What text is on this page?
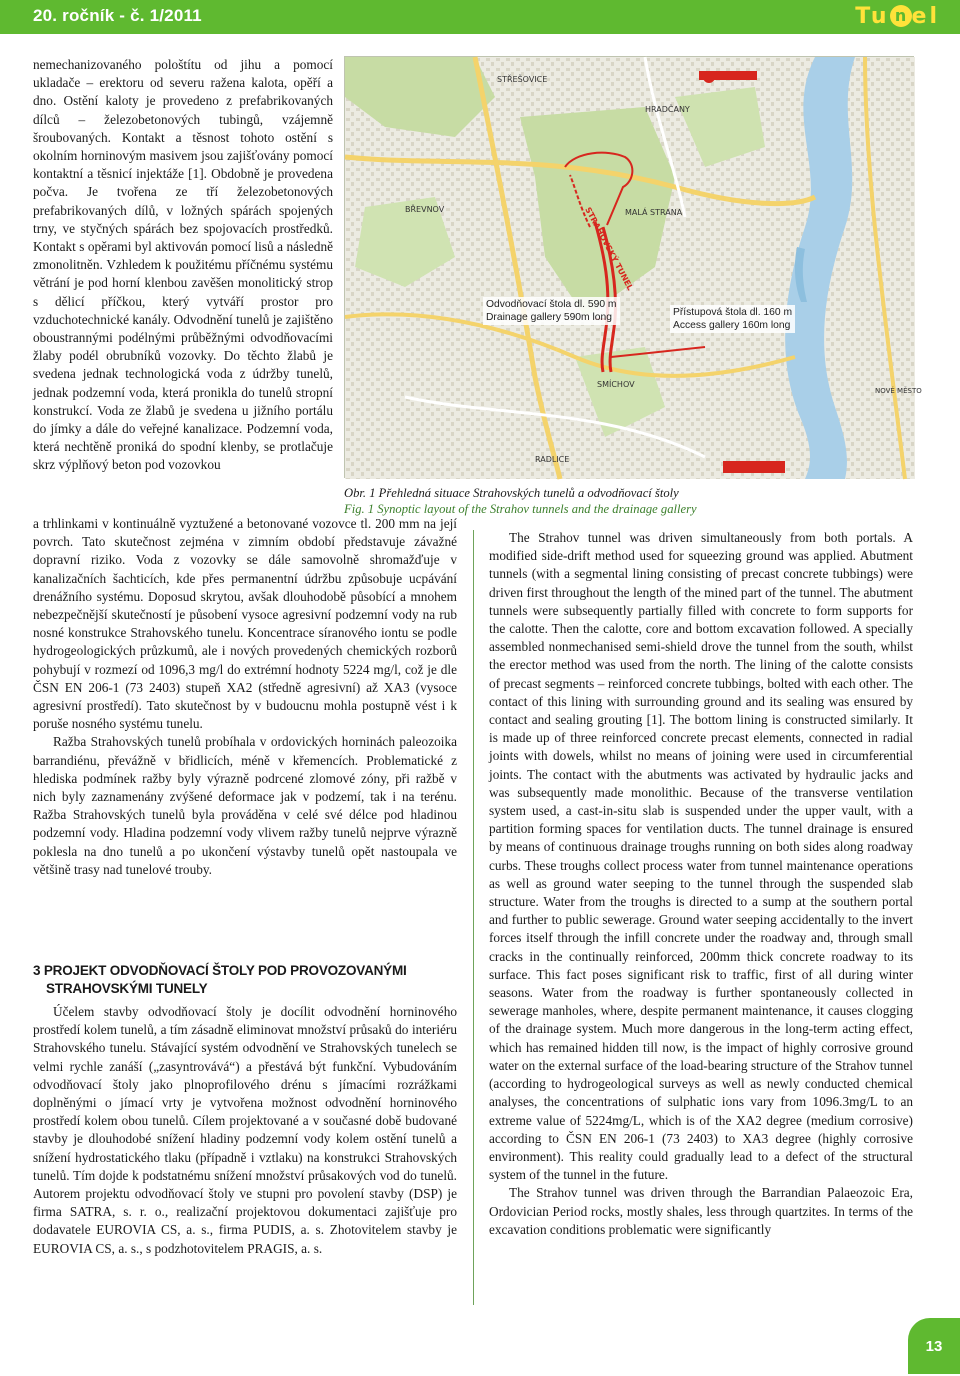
20. ročník - č. 1/2011	Tu n el

nemechanizovaného pološtítu od jihu a pomocí ukladače – erektoru od severu ražena kalota, opěří a dno. Ostění kaloty je provedeno z prefabrikovaných dílců – železobetonových tubingů, vzájemně šroubovaných. Kontakt a těsnost tohoto ostění s okolním horninovým masivem jsou zajišťovány pomocí kontaktní a těsnicí injektáže [1]. Obdobně je provedena počva. Je tvořena ze tří železobetonových prefabrikovaných dílů, v ložných spárách spojených trny, ve styčných spárách bez spojovacích prostředků. Kontakt s opěrami byl aktivován pomocí lisů a následně zmonolitněn. Vzhledem k použitému příčnému systému větrání je pod horní klenbou zavěšen monolitický strop s dělicí příčkou, který vytváří prostor pro vzduchotechnické kanály. Odvodnění tunelů je zajištěno oboustrannými podélnými průběžnými odvodňovacími žlaby podél obrubníků vozovky. Do těchto žlabů je svedena jednak technologická voda z údržby tunelů, jednak podzemní voda, která pronikla do tunelů stropní konstrukcí. Voda ze žlabů je svedena u jižního portálu do jímky a dále do veřejné kanalizace. Podzemní voda, která nechtěně proniká do spodní klenby, se protlačuje skrz výplňový beton pod vozovkou

STŘEŠOVICE
HRADČANY
BŘEVNOV	MALÁ STRANA
SMÍCHOV
RADLICE
NOVÉ MĚSTO
STRAHOVSKÝ TUNEL
Odvodňovací štola dl. 590 m
Drainage gallery 590m long	Přístupová štola dl. 160 m
Access gallery 160m long
Obr. 1 Přehledná situace Strahovských tunelů a odvodňovací štoly
Fig. 1 Synoptic layout of the Strahov tunnels and the drainage gallery

a trhlinkami v kontinuálně vyztužené a betonované vozovce tl. 200 mm na její povrch. Tato skutečnost zejména v zimním období představuje závažné dopravní riziko. Voda z vozovky se dále samovolně shromažďuje v kanalizačních šachticích, kde přes permanentní údržbu způsobuje ucpávání drenážního systému. Doposud skrytou, avšak dlouhodobě působící a mnohem nebezpečnější skutečností je působení vysoce agresivní podzemní vody na rub nosné konstrukce Strahovského tunelu. Koncentrace síranového iontu se podle hydrogeologických průzkumů, ale i nových provedených chemických rozborů pohybují v rozmezí od 1096,3 mg/l do extrémní hodnoty 5224 mg/l, což je dle ČSN EN 206-1 (73 2403) stupeň XA2 (středně agresivní) až XA3 (vysoce agresivní prostředí). Tato skutečnost by v budoucnu mohla postupně vést i k poruše nosného systému tunelu.

Ražba Strahovských tunelů probíhala v ordovických horninách paleozoika barrandiénu, převážně v břidlicích, méně v křemencích. Problematické z hlediska podmínek ražby byly výrazně podrcené zlomové zóny, při ražbě v nich byly zaznamenány zvýšené deformace jak v podzemí, tak i na terénu. Ražba Strahovských tunelů byla prováděna v celé své délce pod hladinou podzemní vody. Hladina podzemní vody vlivem ražby tunelů nejprve výrazně poklesla na dno tunelů a po ukončení výstavby tunelů opět nastoupala ve většině trasy nad tunelové trouby.

3 PROJEKT ODVODŇOVACÍ ŠTOLY POD PROVOZOVANÝMI
STRAHOVSKÝMI TUNELY

Účelem stavby odvodňovací štoly je docílit odvodnění horninového prostředí kolem tunelů, a tím zásadně eliminovat množství průsaků do interiéru Strahovského tunelu. Stávající systém odvodnění ve Strahovských tunelech se velmi rychle zanáší („zasyntrovává“) a přestává být funkční. Vybudováním odvodňovací štoly jako plnoprofilového drénu s jímacími rozrážkami doplněnými o jímací vrty je vytvořena možnost odvodnění horninového prostředí kolem obou tunelů. Cílem projektované a v současné době budované stavby je dlouhodobé snížení hladiny podzemní vody kolem ostění tunelů a snížení hydrostatického tlaku (případně i vztlaku) na konstrukci Strahovských tunelů. Tím dojde k podstatnému snížení množství průsakových vod do tunelů. Autorem projektu odvodňovací štoly ve stupni pro povolení stavby (DSP) je firma SATRA, s. r. o., realizační projektovou dokumentaci zajišťuje pro dodavatele EUROVIA CS, a. s., firma PUDIS, a. s. Zhotovitelem stavby je EUROVIA CS, a. s., s podzhotovitelem PRAGIS, a. s.

The Strahov tunnel was driven simultaneously from both portals. A modified side-drift method used for squeezing ground was applied. Abutment tunnels (with a segmental lining consisting of precast concrete tubbings) were driven first throughout the length of the mined part of the tunnel. The abutment tunnels were subsequently partially filled with concrete to form supports for the calotte. Then the calotte, core and bottom excavation followed. A specially assembled nonmechanised semi-shield drove the tunnel from the south, whilst the erector method was used from the north. The lining of the calotte consists of precast segments – reinforced concrete tubbings, bolted with each other. The contact of this lining with surrounding ground and its sealing was ensured by contact and sealing grouting [1]. The bottom lining is constructed similarly. It is made up of three reinforced concrete precast elements, connected in radial joints with dowels, whilst no means of joining were used in circumferential joints. The contact with the abutments was activated by hydraulic jacks and was subsequently made monolithic. Because of the transverse ventilation system used, a cast-in-situ slab is suspended under the upper vault, with a partition forming spaces for ventilation ducts. The tunnel drainage is ensured by means of continuous drainage troughs running on both sides along roadway curbs. These troughs collect process water from tunnel maintenance operations as well as ground water seeping to the tunnel through the suspended slab structure. Water from the troughs is directed to a sump at the southern portal and further to public sewerage. Ground water seeping accidentally to the invert forces itself through the infill concrete under the roadway and, through small cracks in the continually reinforced, 200mm thick concrete roadway to its surface. This fact poses significant risk to traffic, first of all during winter seasons. Water from the roadway is further spontaneously collected in sewerage manholes, where, despite permanent maintenance, it causes clogging of the drainage system. Much more dangerous in the long-term acting effect, which has remained hidden till now, is the impact of highly corrosive ground water on the external surface of the load-bearing structure of the Strahov tunnel (according to hydrogeological surveys as well as newly conducted chemical analyses, the concentrations of sulphatic ions vary from 1096.3mg/L to an extreme value of 5224mg/L, which is of the XA2 degree (medium corrosive) according to ČSN EN 206-1 (73 2403) to XA3 degree (highly corrosive environment). This reality could gradually lead to a defect of the structural system of the tunnel in the future.

The Strahov tunnel was driven through the Barrandian Palaeozoic Era, Ordovician Period rocks, mostly shales, less through quartzites. In terms of the excavation conditions problematic were significantly

13
